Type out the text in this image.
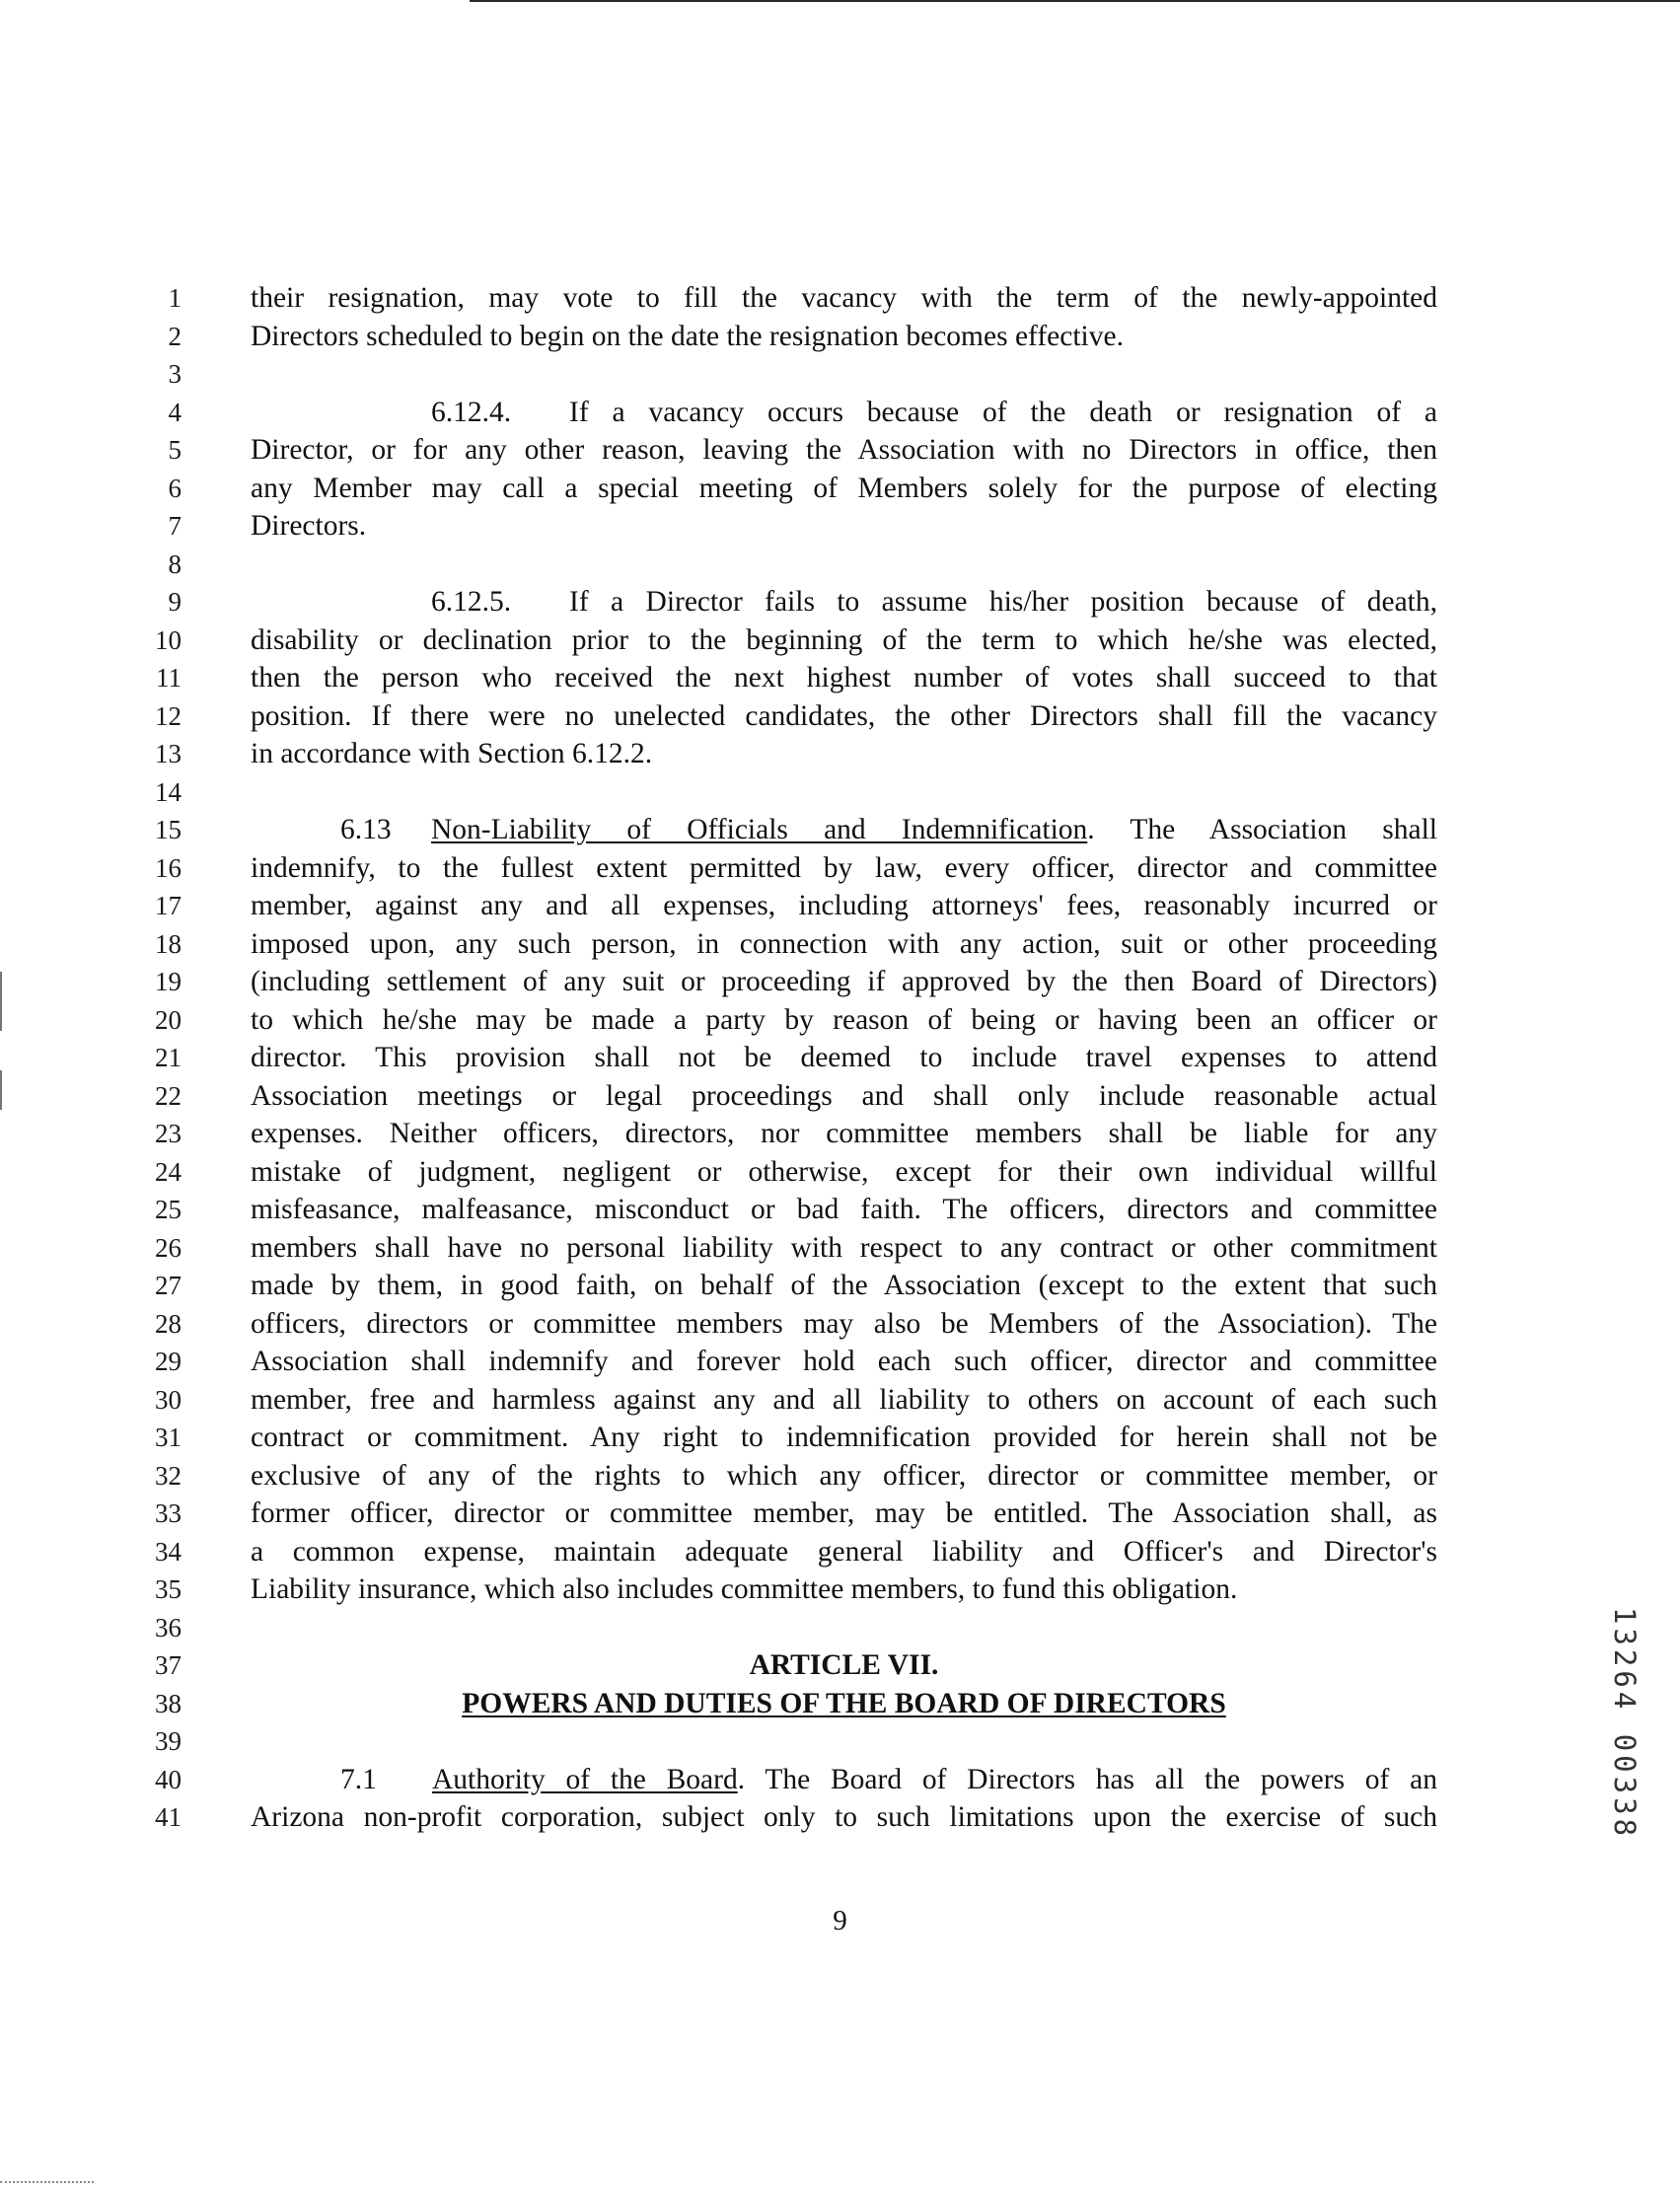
1 their resignation, may vote to fill the vacancy with the term of the newly-appointed
2 Directors scheduled to begin on the date the resignation becomes effective.
3
4	6.12.4. If a vacancy occurs because of the death or resignation of a
5 Director, or for any other reason, leaving the Association with no Directors in office, then
6 any Member may call a special meeting of Members solely for the purpose of electing
7 Directors.
8
9	6.12.5. If a Director fails to assume his/her position because of death,
10 disability or declination prior to the beginning of the term to which he/she was elected,
11 then the person who received the next highest number of votes shall succeed to that
12 position. If there were no unelected candidates, the other Directors shall fill the vacancy
13 in accordance with Section 6.12.2.
14
15	6.13 Non-Liability of Officials and Indemnification. The Association shall
16 indemnify, to the fullest extent permitted by law, every officer, director and committee
17 member, against any and all expenses, including attorneys' fees, reasonably incurred or
18 imposed upon, any such person, in connection with any action, suit or other proceeding
19 (including settlement of any suit or proceeding if approved by the then Board of Directors)
20 to which he/she may be made a party by reason of being or having been an officer or
21 director. This provision shall not be deemed to include travel expenses to attend
22 Association meetings or legal proceedings and shall only include reasonable actual
23 expenses. Neither officers, directors, nor committee members shall be liable for any
24 mistake of judgment, negligent or otherwise, except for their own individual willful
25 misfeasance, malfeasance, misconduct or bad faith. The officers, directors and committee
26 members shall have no personal liability with respect to any contract or other commitment
27 made by them, in good faith, on behalf of the Association (except to the extent that such
28 officers, directors or committee members may also be Members of the Association). The
29 Association shall indemnify and forever hold each such officer, director and committee
30 member, free and harmless against any and all liability to others on account of each such
31 contract or commitment. Any right to indemnification provided for herein shall not be
32 exclusive of any of the rights to which any officer, director or committee member, or
33 former officer, director or committee member, may be entitled. The Association shall, as
34 a common expense, maintain adequate general liability and Officer's and Director's
35 Liability insurance, which also includes committee members, to fund this obligation.
36
37	ARTICLE VII.
38	POWERS AND DUTIES OF THE BOARD OF DIRECTORS
39
40	7.1 Authority of the Board. The Board of Directors has all the powers of an
41 Arizona non-profit corporation, subject only to such limitations upon the exercise of such
9
13264 00338
